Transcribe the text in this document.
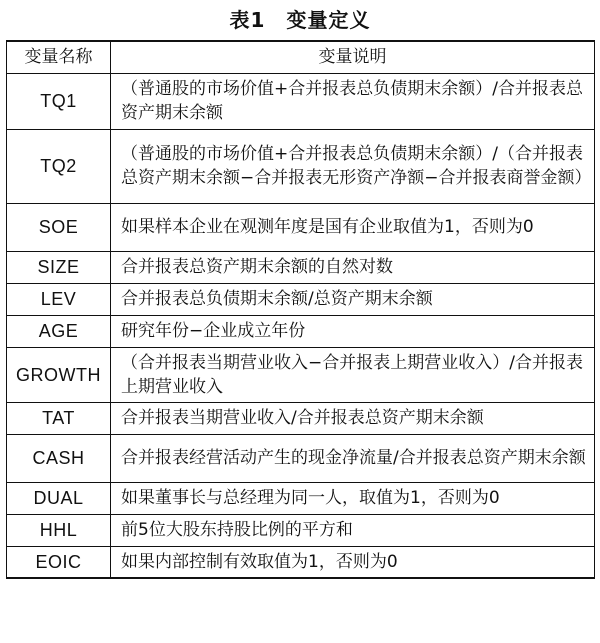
表1　变量定义
变量名称	变量说明
TQ1	（普通股的市场价值+合并报表总负债期末余额）/合并报表总资产期末余额
TQ2	（普通股的市场价值+合并报表总负债期末余额）/（合并报表总资产期末余额−合并报表无形资产净额−合并报表商誉金额）
SOE	如果样本企业在观测年度是国有企业取值为1，否则为0
SIZE	合并报表总资产期末余额的自然对数
LEV	合并报表总负债期末余额/总资产期末余额
AGE	研究年份−企业成立年份
GROWTH	（合并报表当期营业收入−合并报表上期营业收入）/合并报表上期营业收入
TAT	合并报表当期营业收入/合并报表总资产期末余额
CASH	合并报表经营活动产生的现金净流量/合并报表总资产期末余额
DUAL	如果董事长与总经理为同一人，取值为1，否则为0
HHL	前5位大股东持股比例的平方和
EOIC	如果内部控制有效取值为1，否则为0
